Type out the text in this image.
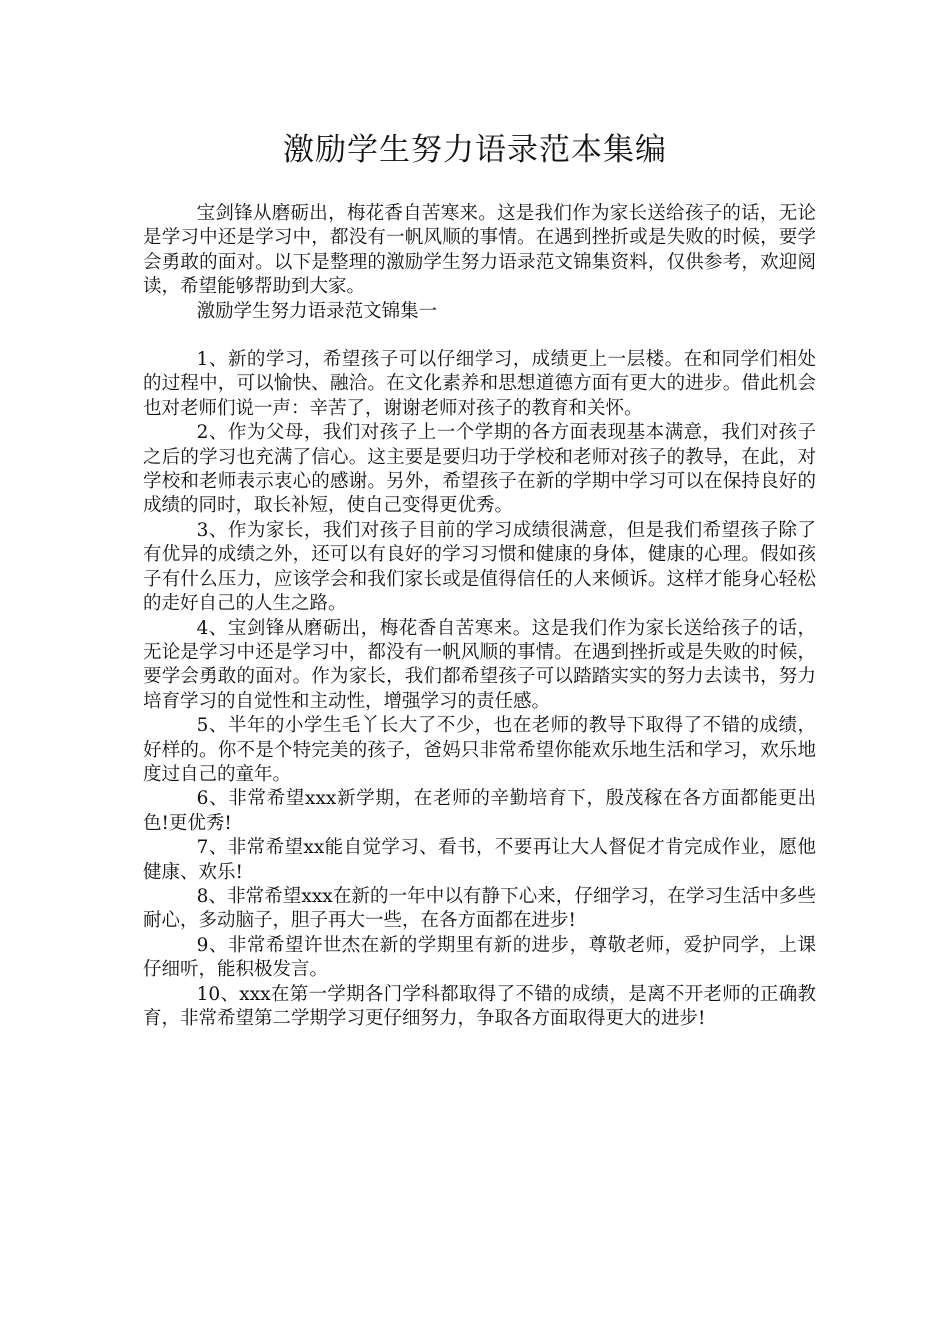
激励学生努力语录范本集编

宝剑锋从磨砺出，梅花香自苦寒来。这是我们作为家长送给孩子的话，无论是学习中还是学习中，都没有一帆风顺的事情。在遇到挫折或是失败的时候，要学会勇敢的面对。以下是整理的激励学生努力语录范文锦集资料，仅供参考，欢迎阅读，希望能够帮助到大家。

激励学生努力语录范文锦集一

1、新的学习，希望孩子可以仔细学习，成绩更上一层楼。在和同学们相处的过程中，可以愉快、融洽。在文化素养和思想道德方面有更大的进步。借此机会也对老师们说一声：辛苦了，谢谢老师对孩子的教育和关怀。

2、作为父母，我们对孩子上一个学期的各方面表现基本满意，我们对孩子之后的学习也充满了信心。这主要是要归功于学校和老师对孩子的教导，在此，对学校和老师表示衷心的感谢。另外，希望孩子在新的学期中学习可以在保持良好的成绩的同时，取长补短，使自己变得更优秀。

3、作为家长，我们对孩子目前的学习成绩很满意，但是我们希望孩子除了有优异的成绩之外，还可以有良好的学习习惯和健康的身体，健康的心理。假如孩子有什么压力，应该学会和我们家长或是值得信任的人来倾诉。这样才能身心轻松的走好自己的人生之路。

4、宝剑锋从磨砺出，梅花香自苦寒来。这是我们作为家长送给孩子的话，无论是学习中还是学习中，都没有一帆风顺的事情。在遇到挫折或是失败的时候，要学会勇敢的面对。作为家长，我们都希望孩子可以踏踏实实的努力去读书，努力培育学习的自觉性和主动性，增强学习的责任感。

5、半年的小学生毛丫长大了不少，也在老师的教导下取得了不错的成绩，好样的。你不是个特完美的孩子，爸妈只非常希望你能欢乐地生活和学习，欢乐地度过自己的童年。

6、非常希望xxx新学期，在老师的辛勤培育下，殷茂稼在各方面都能更出色!更优秀!

7、非常希望xx能自觉学习、看书，不要再让大人督促才肯完成作业，愿他健康、欢乐!

8、非常希望xxx在新的一年中以有静下心来，仔细学习，在学习生活中多些耐心，多动脑子，胆子再大一些，在各方面都在进步!

9、非常希望许世杰在新的学期里有新的进步，尊敬老师，爱护同学，上课仔细听，能积极发言。

10、xxx在第一学期各门学科都取得了不错的成绩，是离不开老师的正确教育，非常希望第二学期学习更仔细努力，争取各方面取得更大的进步!
